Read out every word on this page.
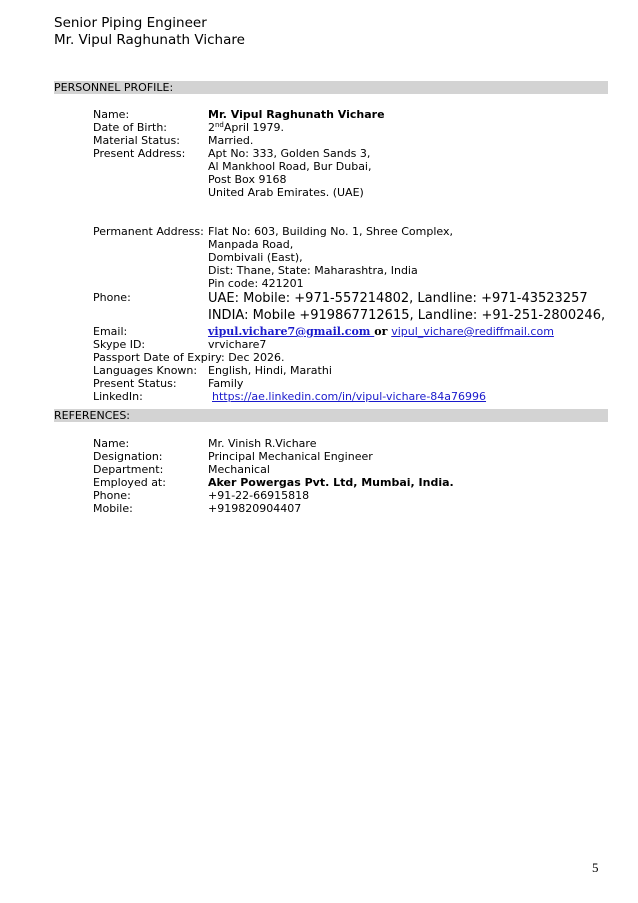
Senior Piping Engineer
Mr. Vipul Raghunath Vichare
PERSONNEL PROFILE:
Name:	Mr. Vipul Raghunath Vichare
Date of Birth:	2ndApril 1979.
Material Status:	Married.
Present Address: Apt No: 333, Golden Sands 3,
Al Mankhool Road, Bur Dubai,
Post Box 9168
United Arab Emirates. (UAE)
Permanent Address: Flat No: 603, Building No. 1, Shree Complex,
Manpada Road,
Dombivali (East),
Dist: Thane, State: Maharashtra, India
Pin code: 421201
Phone:	UAE: Mobile: +971-557214802, Landline: +971-43523257
INDIA: Mobile +919867712615, Landline: +91-251-2800246,
Email:	vipul.vichare7@gmail.com or vipul_vichare@rediffmail.com
Skype ID:	vrvichare7
Passport Date of Expiry: Dec 2026.
Languages Known: English, Hindi, Marathi
Present Status:	Family
LinkedIn:	https://ae.linkedin.com/in/vipul-vichare-84a76996
REFERENCES:
Name:	Mr. Vinish R.Vichare
Designation:	Principal Mechanical Engineer
Department:	Mechanical
Employed at:	Aker Powergas Pvt. Ltd, Mumbai, India.
Phone:	+91-22-66915818
Mobile:	+919820904407
5
